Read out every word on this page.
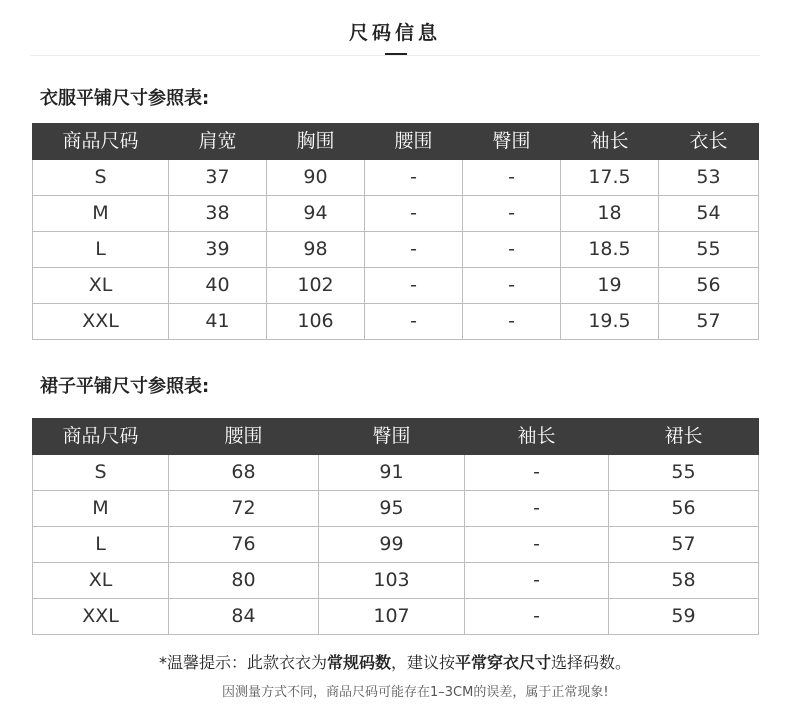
尺码信息
衣服平铺尺寸参照表:
商品尺码	肩宽	胸围	腰围	臀围	袖长	衣长
S	37	90	-	-	17.5	53
M	38	94	-	-	18	54
L	39	98	-	-	18.5	55
XL	40	102	-	-	19	56
XXL	41	106	-	-	19.5	57
裙子平铺尺寸参照表:
商品尺码	腰围	臀围	袖长	裙长
S	68	91	-	55
M	72	95	-	56
L	76	99	-	57
XL	80	103	-	58
XXL	84	107	-	59
*温馨提示：此款衣衣为常规码数，建议按平常穿衣尺寸选择码数。
因测量方式不同，商品尺码可能存在1–3CM的误差，属于正常现象!
